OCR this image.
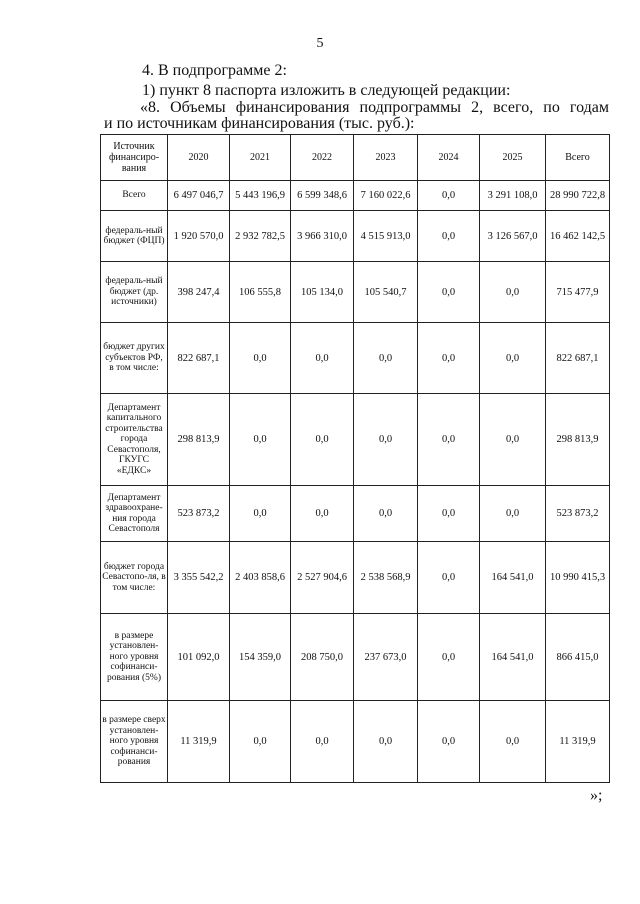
5
4. В подпрограмме 2:
1) пункт 8 паспорта изложить в следующей редакции:
«8. Объемы финансирования подпрограммы 2, всего, по годам
и по источникам финансирования (тыс. руб.):
Источник финансиро-вания	2020	2021	2022	2023	2024	2025	Всего
Всего	6 497 046,7	5 443 196,9	6 599 348,6	7 160 022,6	0,0	3 291 108,0	28 990 722,8
федераль-ный бюджет (ФЦП)	1 920 570,0	2 932 782,5	3 966 310,0	4 515 913,0	0,0	3 126 567,0	16 462 142,5
федераль-ный бюджет (др. источники)	398 247,4	106 555,8	105 134,0	105 540,7	0,0	0,0	715 477,9
бюджет других субъектов РФ, в том числе:	822 687,1	0,0	0,0	0,0	0,0	0,0	822 687,1
Департамент капитального строительства города Севастополя, ГКУГС «ЕДКС»	298 813,9	0,0	0,0	0,0	0,0	0,0	298 813,9
Департамент здравоохране-ния города Севастополя	523 873,2	0,0	0,0	0,0	0,0	0,0	523 873,2
бюджет города Севастопо-ля, в том числе:	3 355 542,2	2 403 858,6	2 527 904,6	2 538 568,9	0,0	164 541,0	10 990 415,3
в размере установлен-ного уровня софинанси-рования (5%)	101 092,0	154 359,0	208 750,0	237 673,0	0,0	164 541,0	866 415,0
в размере сверх установлен-ного уровня софинанси-рования	11 319,9	0,0	0,0	0,0	0,0	0,0	11 319,9
»;
